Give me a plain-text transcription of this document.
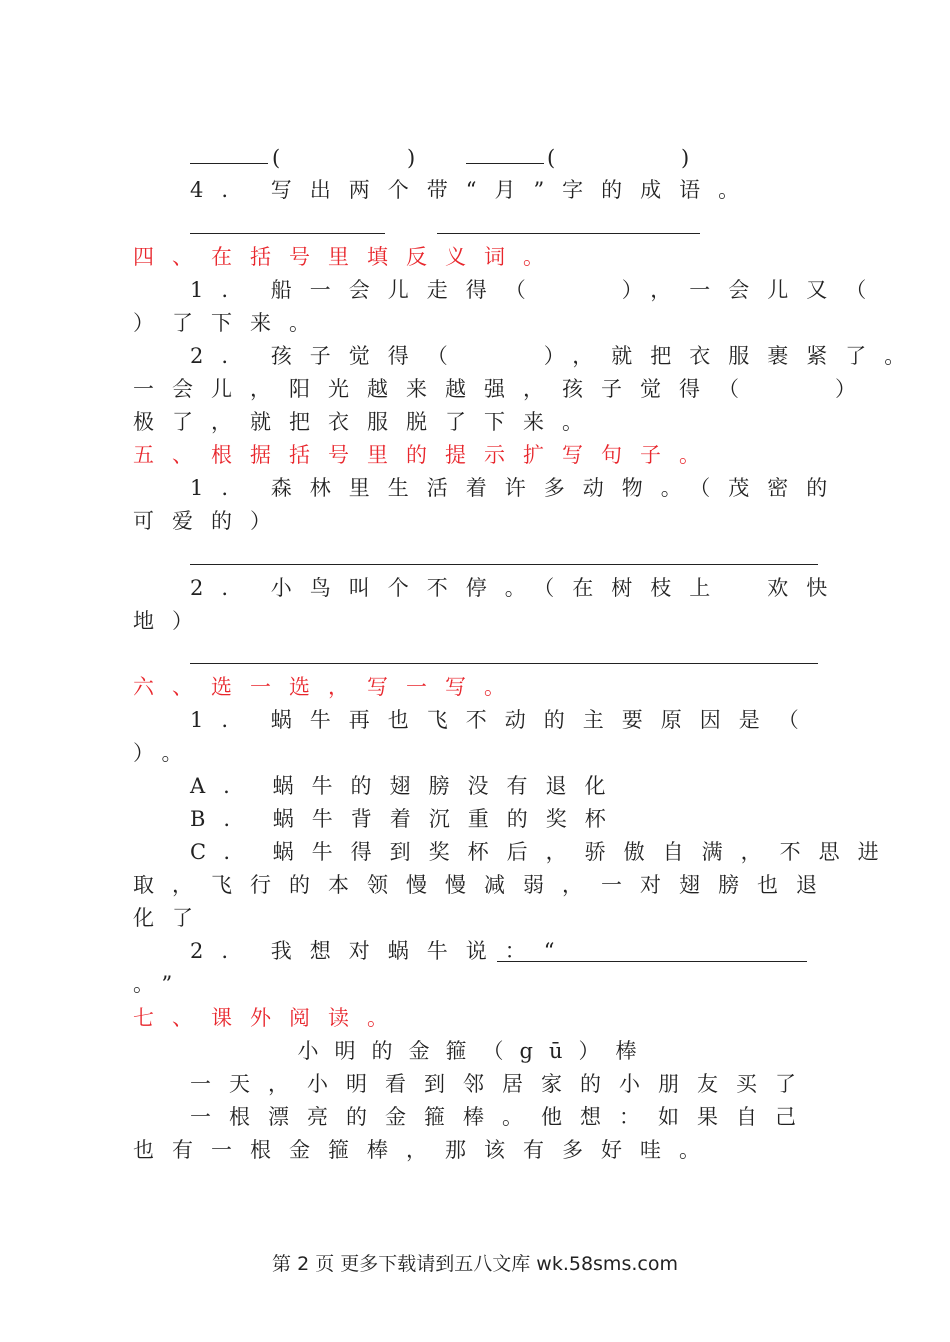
(	)	(	)
4. 写出两个带“月”字的成语。
四、在括号里填反义词。
1. 船一会儿走得（　　），一会儿又（
）了下来。
2. 孩子觉得（　　），就把衣服裹紧了。
一会儿，阳光越来越强，孩子觉得（　　）
极了，就把衣服脱了下来。
五、根据括号里的提示扩写句子。
1. 森林里生活着许多动物。（茂密的
可爱的）
2. 小鸟叫个不停。（在树枝上　欢快
地）
六、选一选，写一写。
1. 蜗牛再也飞不动的主要原因是（
）。
A. 蜗牛的翅膀没有退化
B. 蜗牛背着沉重的奖杯
C. 蜗牛得到奖杯后，骄傲自满，不思进
取，飞行的本领慢慢减弱，一对翅膀也退
化了
2. 我想对蜗牛说：“
。”
七、课外阅读。
小明的金箍（gū）棒
一天，小明看到邻居家的小朋友买了
一根漂亮的金箍棒。他想：如果自己
也有一根金箍棒，那该有多好哇。
第 2 页 更多下载请到五八文库 wk.58sms.com
